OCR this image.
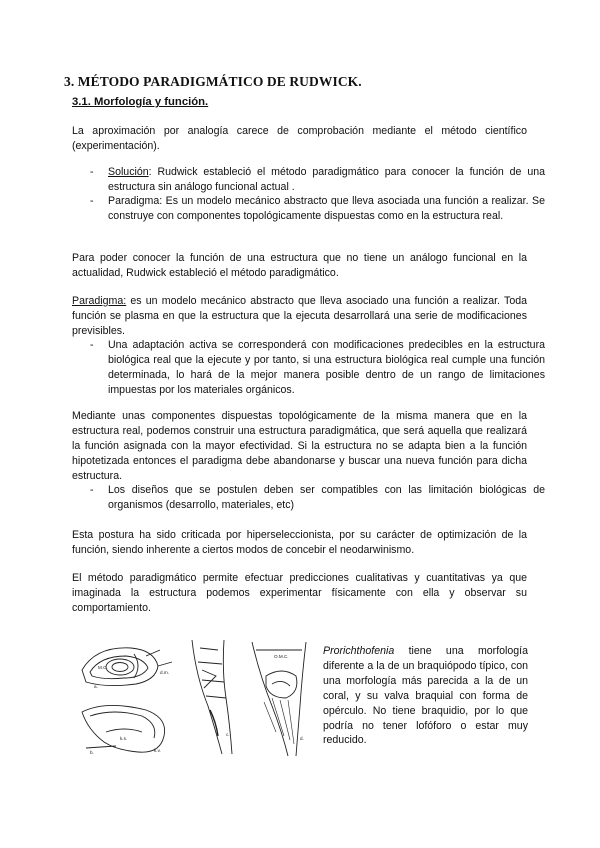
3. MÉTODO PARADIGMÁTICO DE RUDWICK.
3.1. Morfología y función.

La aproximación por analogía carece de comprobación mediante el método científico (experimentación).

- Solución: Rudwick estableció el método paradigmático para conocer la función de una estructura sin análogo funcional actual .
- Paradigma: Es un modelo mecánico abstracto que lleva asociada una función a realizar. Se construye con componentes topológicamente dispuestas como en la estructura real.

Para poder conocer la función de una estructura que no tiene un análogo funcional en la actualidad, Rudwick estableció el método paradigmático.

Paradigma: es un modelo mecánico abstracto que lleva asociado una función a realizar. Toda función se plasma en que la estructura que la ejecuta desarrollará una serie de modificaciones previsibles.

- Una adaptación activa se corresponderá con modificaciones predecibles en la estructura biológica real que la ejecute y por tanto, si una estructura biológica real cumple una función determinada, lo hará de la mejor manera posible dentro de un rango de limitaciones impuestas por los materiales orgánicos.

Mediante unas componentes dispuestas topológicamente de la misma manera que en la estructura real, podemos construir una estructura paradigmática, que será aquella que realizará la función asignada con la mayor efectividad. Si la estructura no se adapta bien a la función hipotetizada entonces el paradigma debe abandonarse y buscar una nueva función para dicha estructura.

- Los diseños que se postulen deben ser compatibles con las limitación biológicas de organismos (desarrollo, materiales, etc)

Esta postura ha sido criticada por hiperseleccionista, por su carácter de optimización de la función, siendo inherente a ciertos modos de concebir el neodarwinismo.

El método paradigmático permite efectuar predicciones cualitativas y cuantitativas ya que imaginada la estructura podemos experimentar físicamente con ella y observar su comportamiento.

a.
M.C.
d.m.
b.
k.s.
k.v.
c.
O.M.C.
d.

Prorichthofenia tiene una morfología diferente a la de un braquiópodo típico, con una morfología más parecida a la de un coral, y su valva braquial con forma de opérculo. No tiene braquidio, por lo que podría no tener lofóforo o estar muy reducido.
